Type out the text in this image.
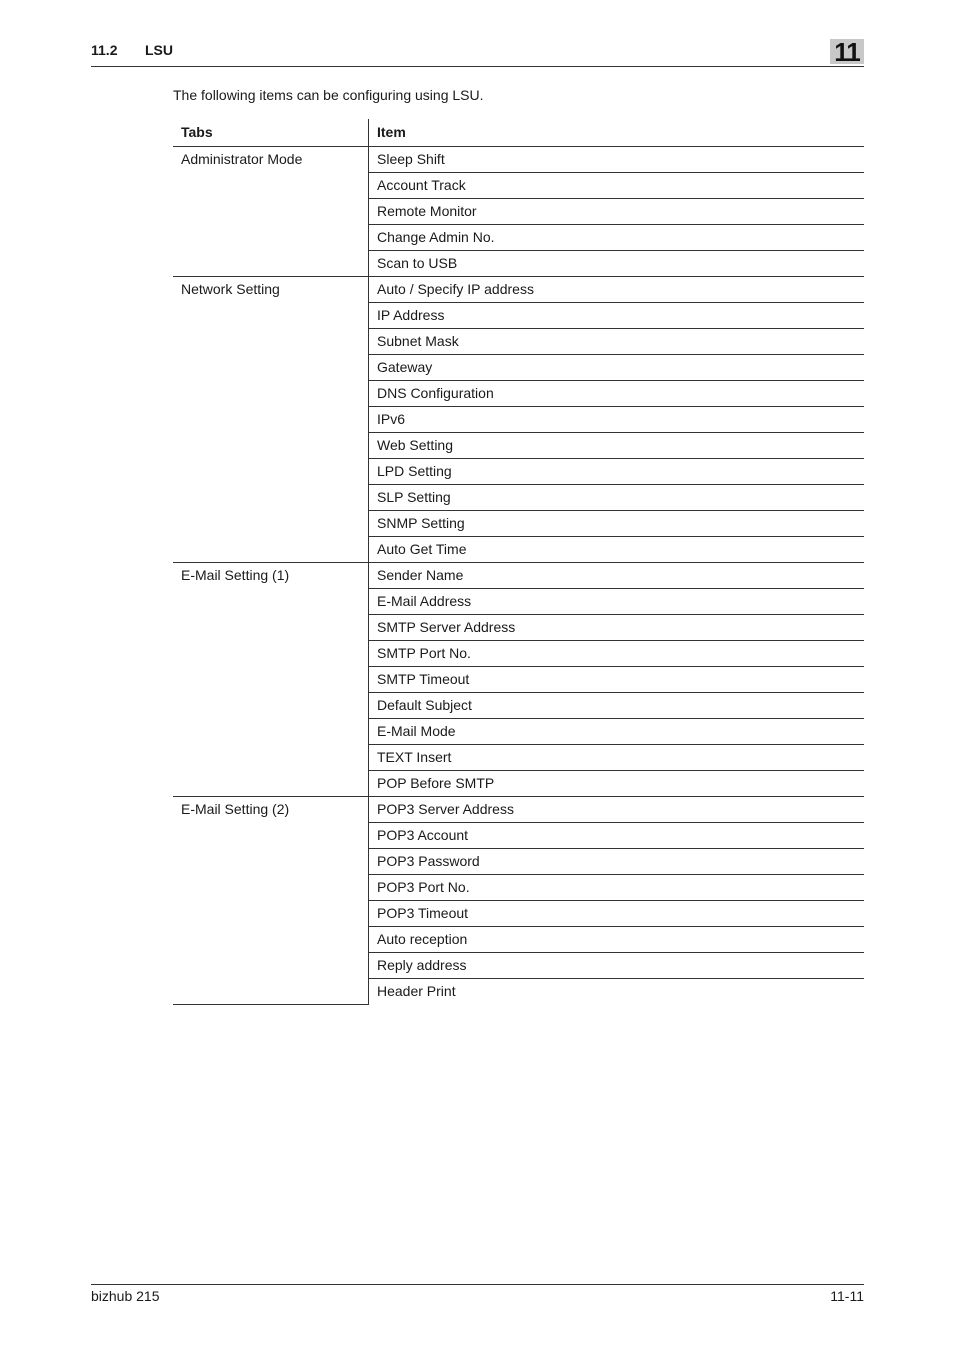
11.2 LSU	11

The following items can be configuring using LSU.

Tabs	Item
Administrator Mode	Sleep Shift
	Account Track
	Remote Monitor
	Change Admin No.
	Scan to USB
Network Setting	Auto / Specify IP address
	IP Address
	Subnet Mask
	Gateway
	DNS Configuration
	IPv6
	Web Setting
	LPD Setting
	SLP Setting
	SNMP Setting
	Auto Get Time
E-Mail Setting (1)	Sender Name
	E-Mail Address
	SMTP Server Address
	SMTP Port No.
	SMTP Timeout
	Default Subject
	E-Mail Mode
	TEXT Insert
	POP Before SMTP
E-Mail Setting (2)	POP3 Server Address
	POP3 Account
	POP3 Password
	POP3 Port No.
	POP3 Timeout
	Auto reception
	Reply address
	Header Print
bizhub 215	11-11
